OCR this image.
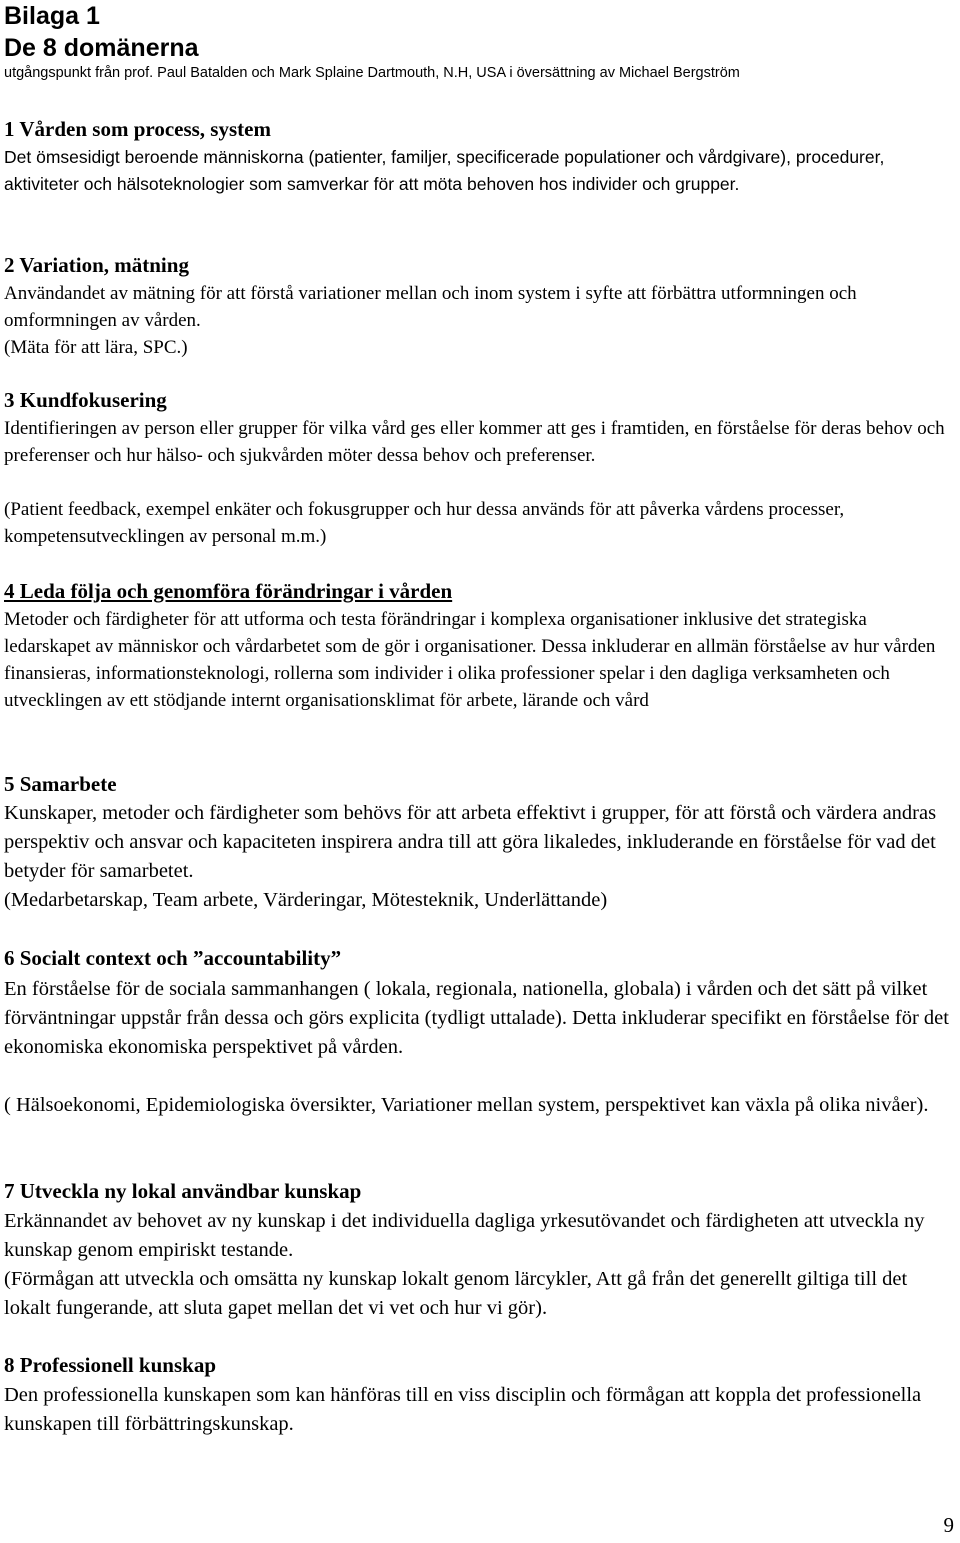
Bilaga 1
De 8 domänerna
utgångspunkt från prof. Paul Batalden och Mark Splaine Dartmouth, N.H, USA i översättning av Michael Bergström
1 Vården som process, system

Det ömsesidigt beroende människorna (patienter, familjer, specificerade populationer och vårdgivare), procedurer, aktiviteter och hälsoteknologier som samverkar för att möta behoven hos individer och grupper.

2 Variation, mätning

Användandet av mätning för att förstå variationer mellan och inom system i syfte att förbättra utformningen och omformningen av vården.

(Mäta för att lära, SPC.)

3 Kundfokusering

Identifieringen av person eller grupper för vilka vård ges eller kommer att ges i framtiden, en förståelse för deras behov och preferenser och hur hälso- och sjukvården möter dessa behov och preferenser.

(Patient feedback, exempel enkäter och fokusgrupper och hur dessa används för att påverka vårdens processer, kompetensutvecklingen av personal m.m.)

4 Leda följa och genomföra förändringar i vården

Metoder och färdigheter för att utforma och testa förändringar i komplexa organisationer inklusive det strategiska ledarskapet av människor och vårdarbetet som de gör i organisationer. Dessa inkluderar en allmän förståelse av hur vården finansieras, informationsteknologi, rollerna som individer i olika professioner spelar i den dagliga verksamheten och utvecklingen av ett stödjande internt organisationsklimat för arbete, lärande och vård

5 Samarbete

Kunskaper, metoder och färdigheter som behövs för att arbeta effektivt i grupper, för att förstå och värdera andras perspektiv och ansvar och kapaciteten inspirera andra till att göra likaledes, inkluderande en förståelse för vad det betyder för samarbetet.

(Medarbetarskap, Team arbete, Värderingar, Mötesteknik, Underlättande)

6 Socialt context och ”accountability”

En förståelse för de sociala sammanhangen ( lokala, regionala, nationella, globala) i vården och det sätt på vilket förväntningar uppstår från dessa och görs explicita (tydligt uttalade). Detta inkluderar specifikt en förståelse för det ekonomiska ekonomiska perspektivet på vården.

( Hälsoekonomi, Epidemiologiska översikter, Variationer mellan system, perspektivet kan växla på olika nivåer).

7 Utveckla ny lokal användbar kunskap

Erkännandet av behovet av ny kunskap i det individuella dagliga yrkesutövandet och färdigheten att utveckla ny kunskap genom empiriskt testande.

(Förmågan att utveckla och omsätta ny kunskap lokalt genom lärcykler, Att gå från det generellt giltiga till det lokalt fungerande, att sluta gapet mellan det vi vet och hur vi gör).

8 Professionell kunskap

Den professionella kunskapen som kan hänföras till en viss disciplin och förmågan att koppla det professionella kunskapen till förbättringskunskap.

9
